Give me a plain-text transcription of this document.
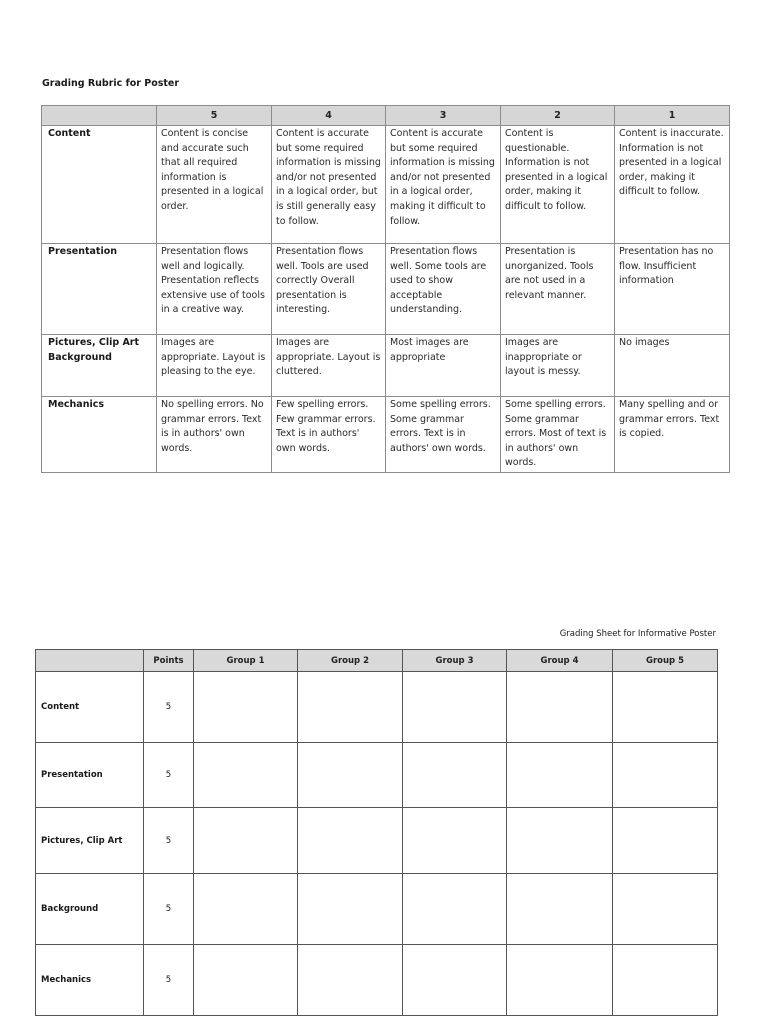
Grading Rubric for Poster
	5	4	3	2	1
Content	Content is concise and accurate such that all required information is presented in a logical order.	Content is accurate but some required information is missing and/or not presented in a logical order, but is still generally easy to follow.	Content is accurate but some required information is missing and/or not presented in a logical order, making it difficult to follow.	Content is questionable. Information is not presented in a logical order, making it difficult to follow.	Content is inaccurate. Information is not presented in a logical order, making it difficult to follow.
Presentation	Presentation flows well and logically. Presentation reflects extensive use of tools in a creative way.	Presentation flows well. Tools are used correctly Overall presentation is interesting.	Presentation flows well. Some tools are used to show acceptable understanding.	Presentation is unorganized. Tools are not used in a relevant manner.	Presentation has no flow. Insufficient information
Pictures, Clip Art Background	Images are appropriate. Layout is pleasing to the eye.	Images are appropriate. Layout is cluttered.	Most images are appropriate	Images are inappropriate or layout is messy.	No images
Mechanics	No spelling errors. No grammar errors. Text is in authors' own words.	Few spelling errors. Few grammar errors. Text is in authors' own words.	Some spelling errors. Some grammar errors. Text is in authors' own words.	Some spelling errors. Some grammar errors. Most of text is in authors' own words.	Many spelling and or grammar errors. Text is copied.
Grading Sheet for Informative Poster
	Points	Group 1	Group 2	Group 3	Group 4	Group 5
Content	5					
Presentation	5					
Pictures, Clip Art	5					
Background	5					
Mechanics	5					
